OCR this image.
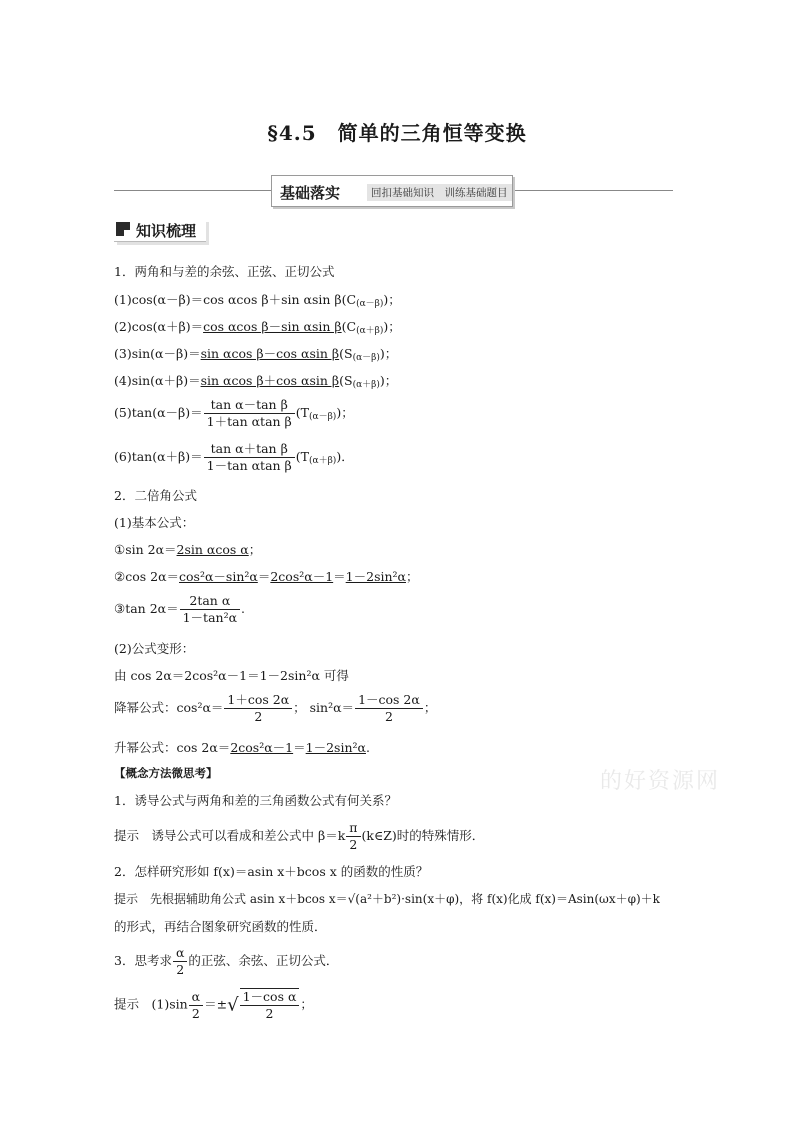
§4.5　简单的三角恒等变换
基础落实	回扣基础知识　训练基础题目
知识梳理
1．两角和与差的余弦、正弦、正切公式
(1)cos(α－β)＝cos αcos β＋sin αsin β(C(α－β))；
(2)cos(α＋β)＝cos αcos β－sin αsin β(C(α＋β))；
(3)sin(α－β)＝sin αcos β－cos αsin β(S(α－β))；
(4)sin(α＋β)＝sin αcos β＋cos αsin β(S(α＋β))；
$(5)\tan(\alpha-\beta)= \frac{\text{tan α－tan β}}{\text{1＋tan αtan β}} (T(\alpha-\beta))$；
$(6)\tan(\alpha+\beta)= \frac{\text{tan α＋tan β}}{\text{1－tan αtan β}} (T(\alpha+\beta))$．
2．二倍角公式
(1)基本公式：
①sin 2α＝2sin αcos α；
②cos 2α＝cos²α－sin²α＝2cos²α－1＝1－2sin²α；
③tan $2\alpha= \frac{\text{2tan α}}{\text{1－tan²α}}$ .
(2)公式变形：
由 cos 2α＝2cos²α－1＝1－2sin²α 可得
降幂公式：$\cos^2\alpha= \frac{1+\cos 2\alpha}{2}$ ； $\sin^2\alpha= \frac{1-\cos 2\alpha}{2}$ ；
升幂公式：cos 2α＝2cos²α－1＝1－2sin²α.
【概念方法微思考】	的好资源网
1．诱导公式与两角和差的三角函数公式有何关系？
提示　诱导公式可以看成和差公式中 $\beta=k \frac{\pi}{2}$ (k∈Z)时的特殊情形．
2．怎样研究形如 f(x)＝asin x＋bcos x 的函数的性质？
提示　先根据辅助角公式 asin x＋bcos x＝√(a²＋b²)·sin(x＋φ)，将 f(x)化成 f(x)＝Asin(ωx＋φ)＋k
的形式，再结合图象研究函数的性质．
3．思考求 $\frac{\alpha}{2}$ 的正弦、余弦、正切公式．
提示　$(1)\sin \frac{\alpha}{2}$ ＝±√ $\frac{\text{1－cos α}}{2}$ ；
